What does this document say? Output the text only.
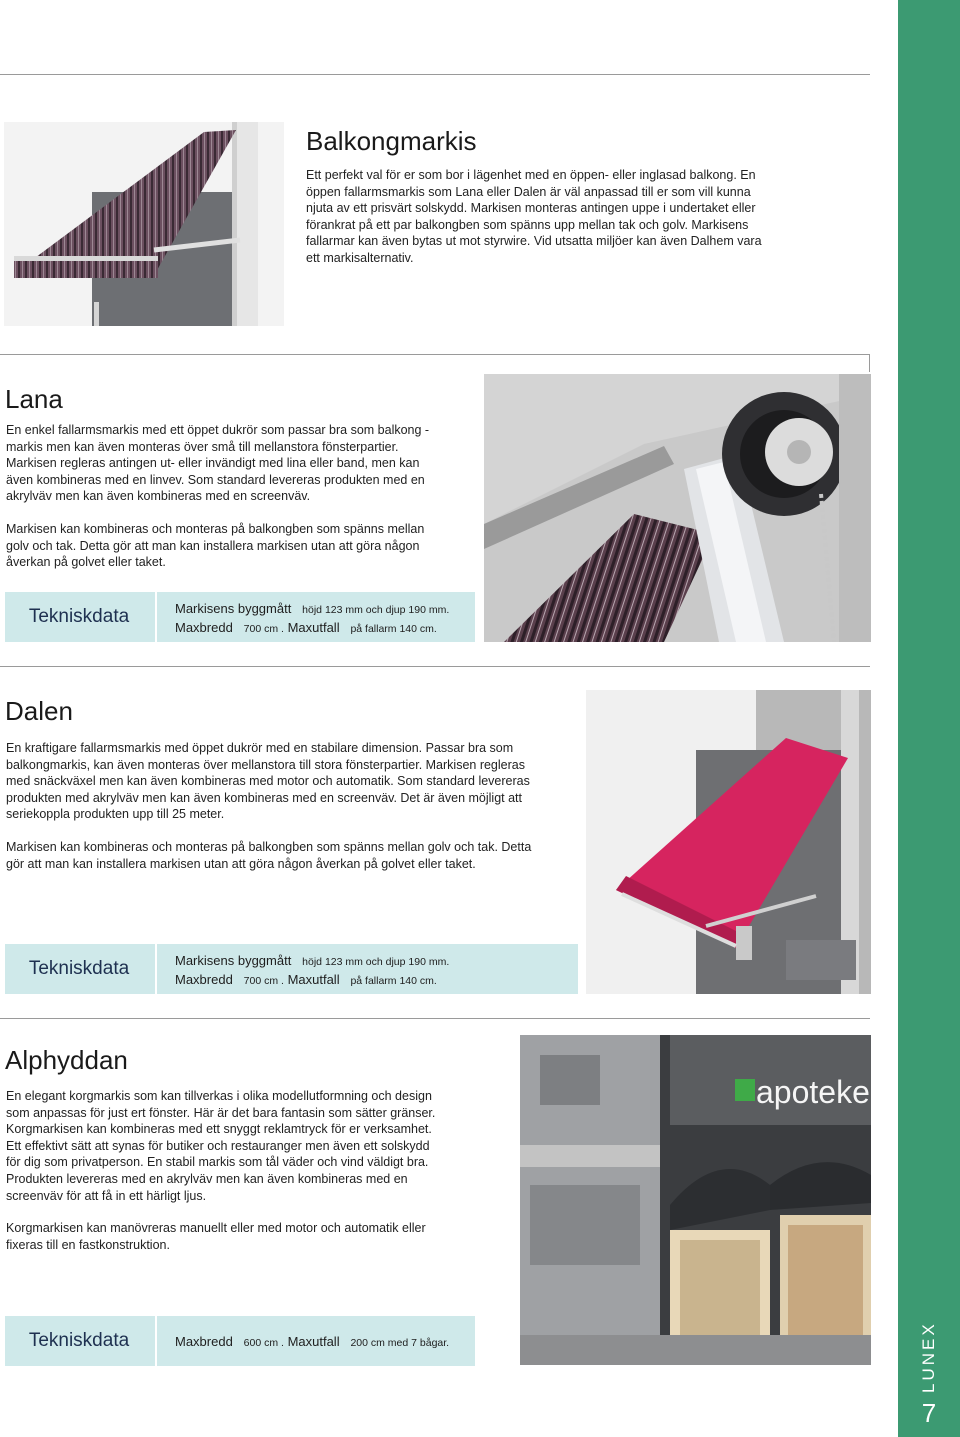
LUNEX
7
Balkongmarkis
Ett perfekt val för er som bor i lägenhet med en öppen- eller inglasad balkong. En öppen fallarmsmarkis som Lana eller Dalen är väl anpassad till er som vill kunna njuta av ett prisvärt solskydd. Markisen monteras antingen uppe i undertaket eller förankrat på ett par balkongben som spänns upp mellan tak och golv. Markisens fallarmar kan även bytas ut mot styrwire. Vid utsatta miljöer kan även Dalhem vara ett markisalternativ.
Lana

En enkel fallarmsmarkis med ett öppet dukrör som passar bra som balkong - markis men kan även monteras över små till mellanstora fönsterpartier. Markisen regleras antingen ut- eller invändigt med lina eller band, men kan även kombineras med en linvev. Som standard levereras produkten med en akrylväv men kan även kombineras med en screenväv.

Markisen kan kombineras och monteras på balkongben som spänns mellan golv och tak. Detta gör att man kan installera markisen utan att göra någon åverkan på golvet eller taket.

Tekniskdata	Markisens byggmått höjd 123 mm och djup 190 mm.
Maxbredd 700 cm . Maxutfall på fallarm 140 cm.
Dalen

En kraftigare fallarmsmarkis med öppet dukrör med en stabilare dimension. Passar bra som balkongmarkis, kan även monteras över mellanstora till stora fönsterpartier. Markisen regleras med snäckväxel men kan även kombineras med motor och automatik. Som standard levereras produkten med akrylväv men kan även kombineras med en screenväv. Det är även möjligt att seriekoppla produkten upp till 25 meter.

Markisen kan kombineras och monteras på balkongben som spänns mellan golv och tak. Detta gör att man kan installera markisen utan att göra någon åverkan på golvet eller taket.

Tekniskdata	Markisens byggmått höjd 123 mm och djup 190 mm.
Maxbredd 700 cm . Maxutfall på fallarm 140 cm.
Alphyddan

En elegant korgmarkis som kan tillverkas i olika modellutformning och design som anpassas för just ert fönster. Här är det bara fantasin som sätter gränser. Korgmarkisen kan kombineras med ett snyggt reklamtryck för er verksamhet. Ett effektivt sätt att synas för butiker och restauranger men även ett solskydd för dig som privatperson. En stabil markis som tål väder och vind väldigt bra. Produkten levereras med en akrylväv men kan även kombineras med en screenväv för att få in ett härligt ljus.

Korgmarkisen kan manövreras manuellt eller med motor och automatik eller fixeras till en fastkonstruktion.

apoteke
Tekniskdata	Maxbredd 600 cm . Maxutfall 200 cm med 7 bågar.
